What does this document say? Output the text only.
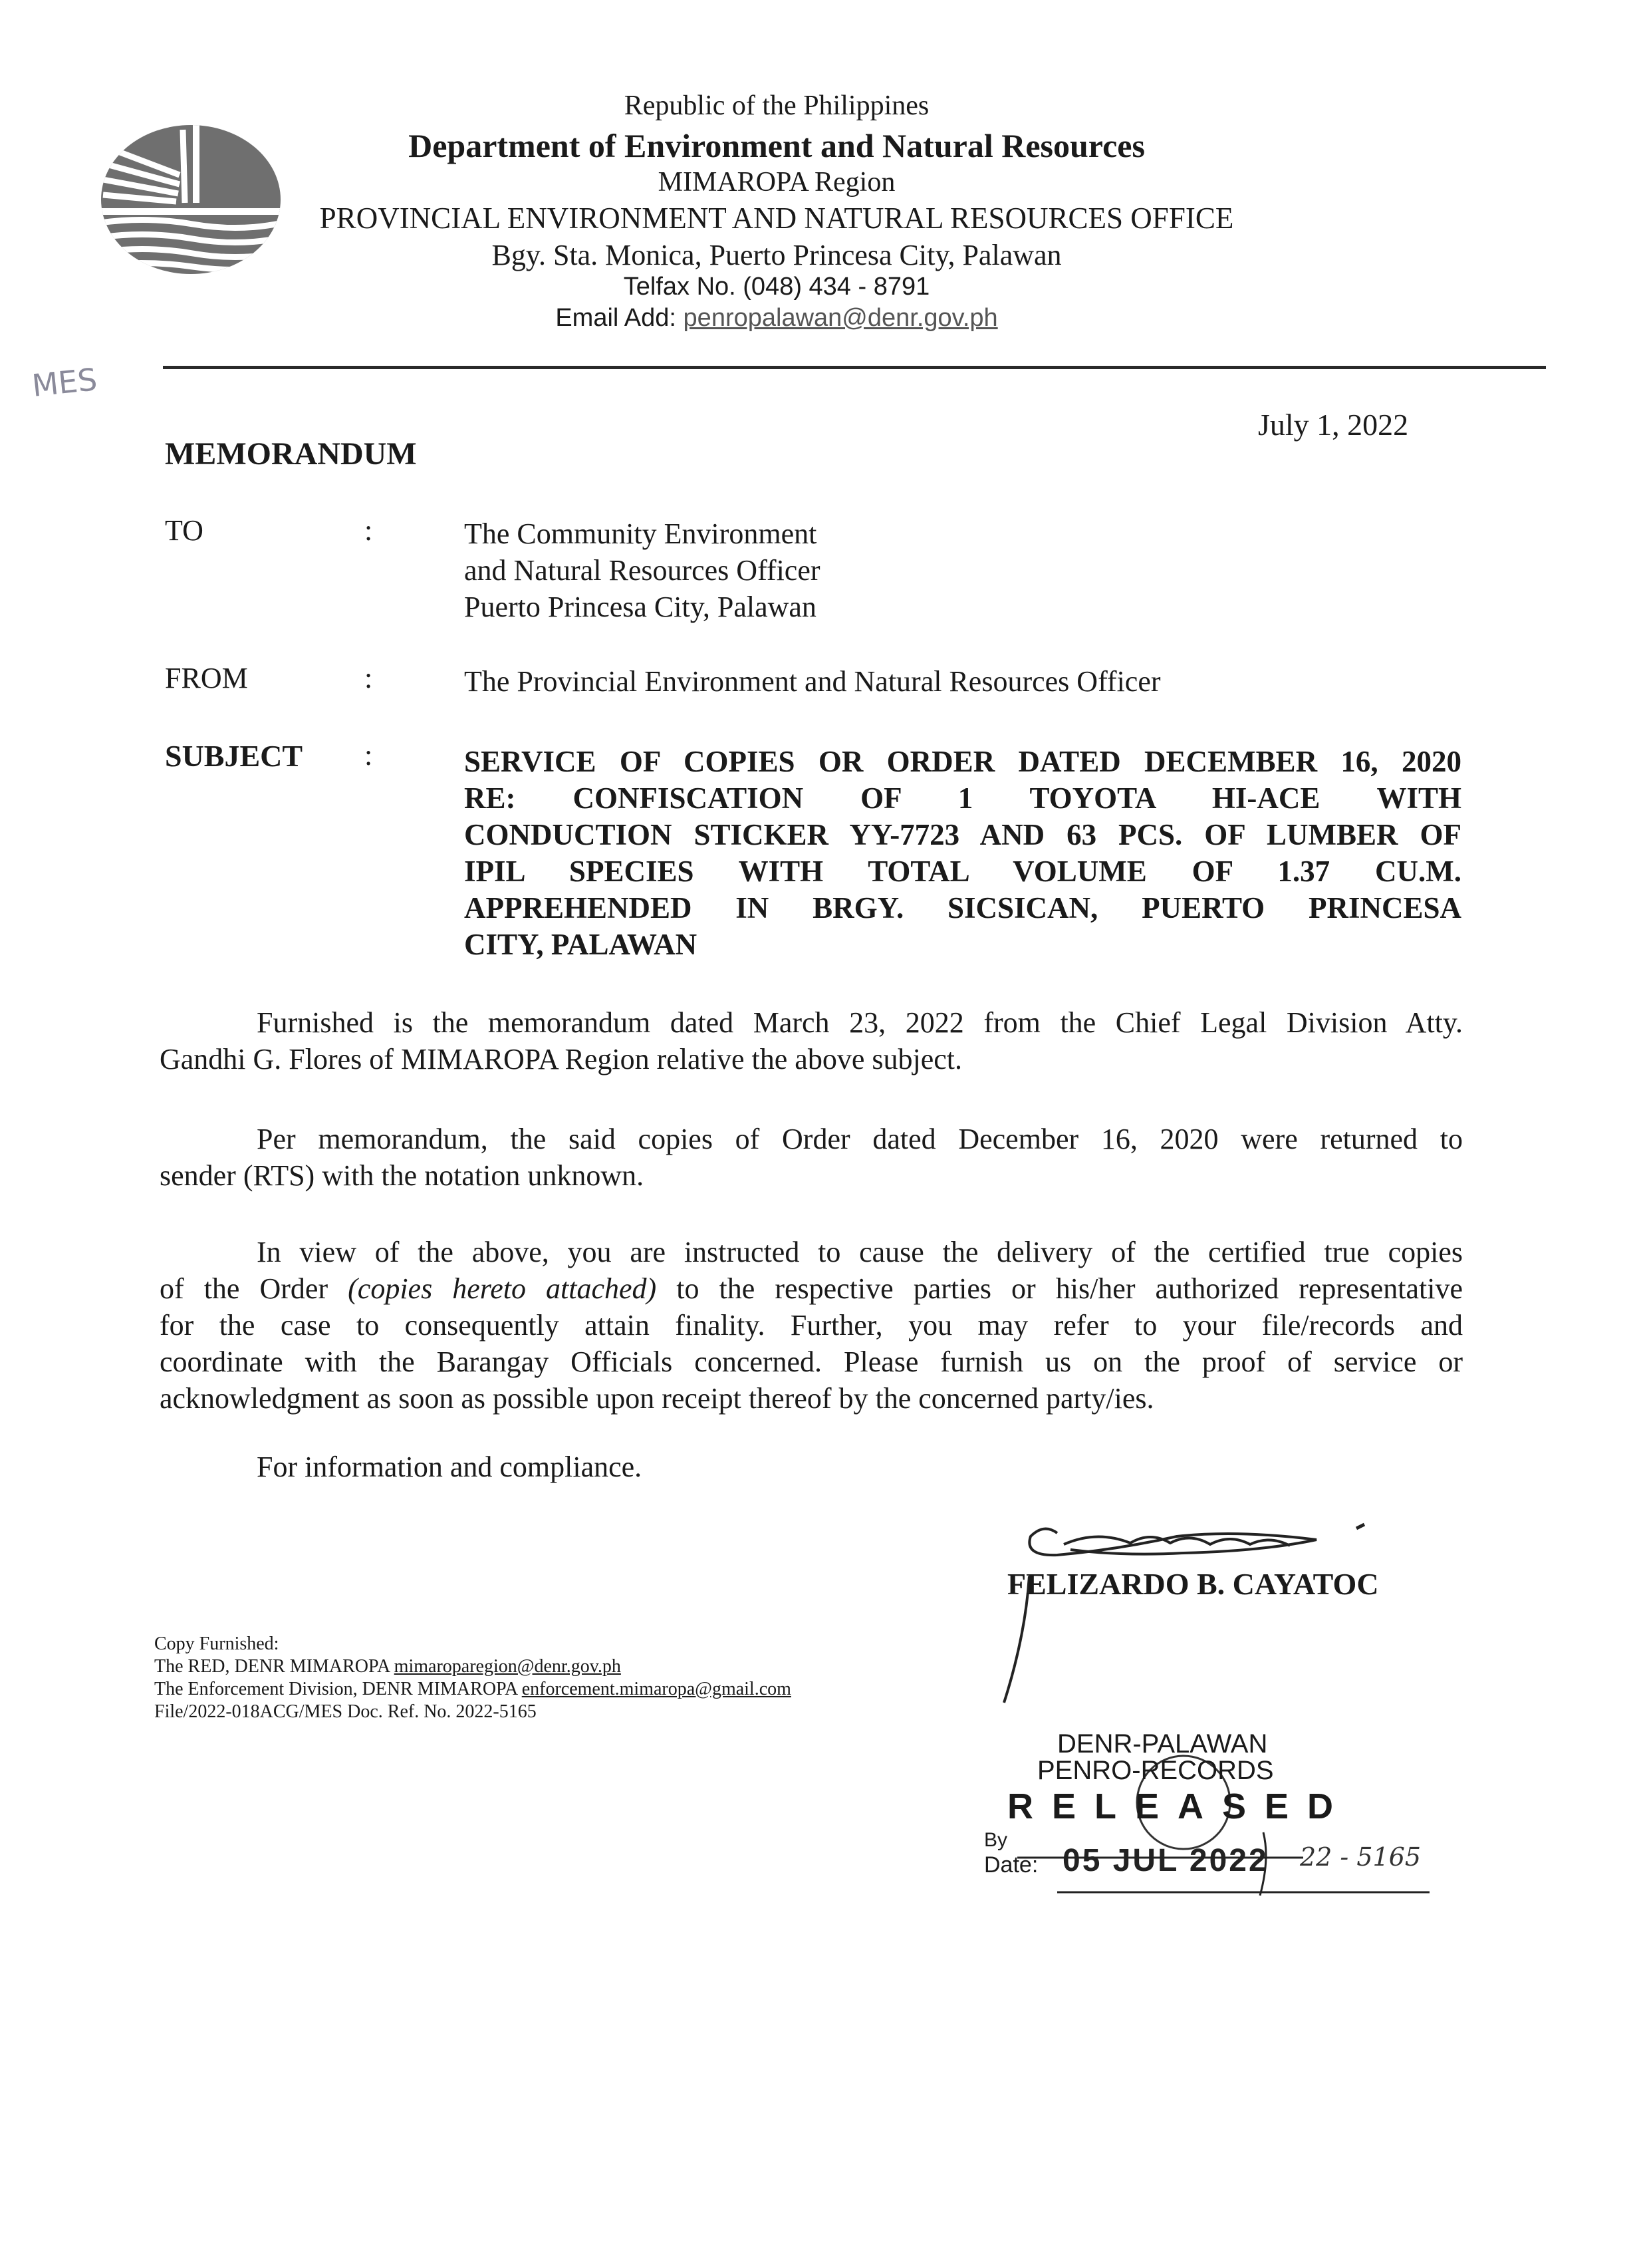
Republic of the Philippines
Department of Environment and Natural Resources
MIMAROPA Region
PROVINCIAL ENVIRONMENT AND NATURAL RESOURCES OFFICE
Bgy. Sta. Monica, Puerto Princesa City, Palawan
Telfax No. (048) 434 - 8791
Email Add: penropalawan@denr.gov.ph
MES
July 1, 2022
MEMORANDUM
TO	:	The Community Environment
and Natural Resources Officer
Puerto Princesa City, Palawan
FROM	:	The Provincial Environment and Natural Resources Officer
SUBJECT :	SERVICE OF COPIES OR ORDER DATED DECEMBER 16, 2020
RE: CONFISCATION OF 1 TOYOTA HI-ACE WITH
CONDUCTION STICKER YY-7723 AND 63 PCS. OF LUMBER OF
IPIL SPECIES WITH TOTAL VOLUME OF 1.37 CU.M.
APPREHENDED IN BRGY. SICSICAN, PUERTO PRINCESA
CITY, PALAWAN
Furnished is the memorandum dated March 23, 2022 from the Chief Legal Division Atty.
Gandhi G. Flores of MIMAROPA Region relative the above subject.
Per memorandum, the said copies of Order dated December 16, 2020 were returned to
sender (RTS) with the notation unknown.
In view of the above, you are instructed to cause the delivery of the certified true copies
of the Order (copies hereto attached) to the respective parties or his/her authorized representative
for the case to consequently attain finality. Further, you may refer to your file/records and
coordinate with the Barangay Officials concerned. Please furnish us on the proof of service or
acknowledgment as soon as possible upon receipt thereof by the concerned party/ies.
For information and compliance.
FELIZARDO B. CAYATOC
Copy Furnished:
The RED, DENR MIMAROPA mimaroparegion@denr.gov.ph
The Enforcement Division, DENR MIMAROPA enforcement.mimaropa@gmail.com
File/2022-018ACG/MES Doc. Ref. No. 2022-5165
DENR-PALAWAN
PENRO-RECORDS
RELEASED
By
Date: 05 JUL 2022 22 - 5165
